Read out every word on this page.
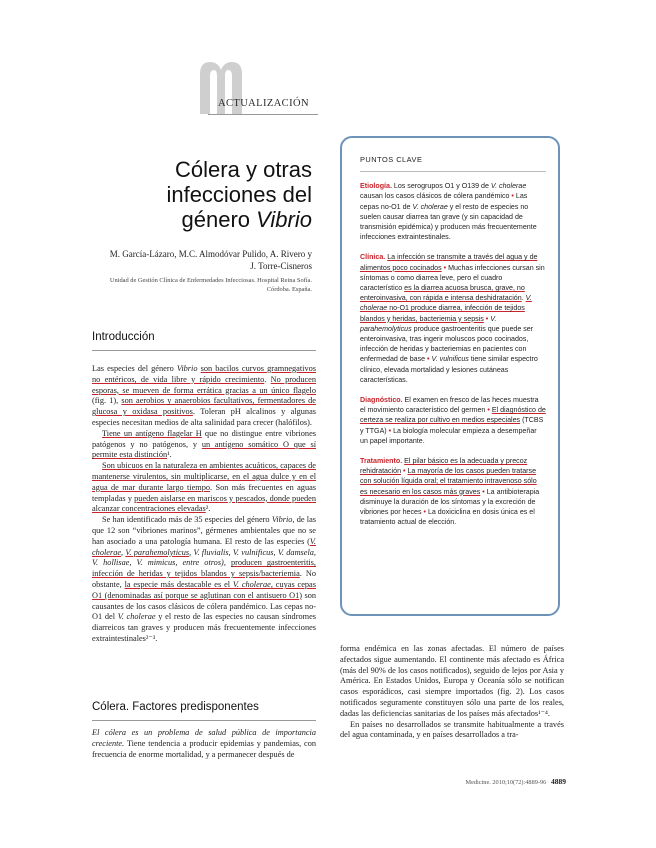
ACTUALIZACIÓN
Cólera y otras
infecciones del
género Vibrio
M. García-Lázaro, M.C. Almodóvar Pulido, A. Rivero y
J. Torre-Cisneros
Unidad de Gestión Clínica de Enfermedades Infecciosas. Hospital Reina Sofía.
Córdoba. España.
Introducción

Las especies del género Vibrio son bacilos curvos gramnegativos no entéricos, de vida libre y rápido crecimiento. No producen esporas, se mueven de forma errática gracias a un único flagelo (fig. 1), son aerobios y anaerobios facultativos, fermentadores de glucosa y oxidasa positivos. Toleran pH alcalinos y algunas especies necesitan medios de alta salinidad para crecer (halófilos).

Tiene un antígeno flagelar H que no distingue entre vibriones patógenos y no patógenos, y un antígeno somático O que sí permite esta distinción¹.

Son ubicuos en la naturaleza en ambientes acuáticos, capaces de mantenerse virulentos, sin multiplicarse, en el agua dulce y en el agua de mar durante largo tiempo. Son más frecuentes en aguas templadas y pueden aislarse en mariscos y pescados, donde pueden alcanzar concentraciones elevadas².

Se han identificado más de 35 especies del género Vibrio, de las que 12 son “vibriones marinos”, gérmenes ambientales que no se han asociado a una patología humana. El resto de las especies (V. cholerae, V. parahemolyticus, V. fluvialis, V. vulnificus, V. damsela, V. hollisae, V. mimicus, entre otros), producen gastroenteritis, infección de heridas y tejidos blandos y sepsis/bacteriemia. No obstante, la especie más destacable es el V. cholerae, cuyas cepas O1 (denominadas así porque se aglutinan con el antisuero O1) son causantes de los casos clásicos de cólera pandémico. Las cepas no-O1 del V. cholerae y el resto de las especies no causan síndromes diarreicos tan graves y producen más frecuentemente infecciones extraintestinales²⁻³.

Cólera. Factores predisponentes

El cólera es un problema de salud pública de importancia creciente. Tiene tendencia a producir epidemias y pandemias, con frecuencia de enorme mortalidad, y a permanecer después de

forma endémica en las zonas afectadas. El número de países afectados sigue aumentando. El continente más afectado es África (más del 90% de los casos notificados), seguido de lejos por Asia y América. En Estados Unidos, Europa y Oceanía sólo se notifican casos esporádicos, casi siempre importados (fig. 2). Los casos notificados seguramente constituyen sólo una parte de los reales, dadas las deficiencias sanitarias de los países más afectados¹⁻⁴.

En países no desarrollados se transmite habitualmente a través del agua contaminada, y en países desarrollados a tra-

PUNTOS CLAVE

Etiología. Los serogrupos O1 y O139 de V. cholerae causan los casos clásicos de cólera pandémico • Las cepas no-O1 de V. cholerae y el resto de especies no suelen causar diarrea tan grave (y sin capacidad de transmisión epidémica) y producen más frecuentemente infecciones extraintestinales.

Clínica. La infección se transmite a través del agua y de alimentos poco cocinados • Muchas infecciones cursan sin síntomas o como diarrea leve, pero el cuadro característico es la diarrea acuosa brusca, grave, no enteroinvasiva, con rápida e intensa deshidratación. V. cholerae no-O1 produce diarrea, infección de tejidos blandos y heridas, bacteriemia y sepsis • V. parahemolyticus produce gastroenteritis que puede ser enteroinvasiva, tras ingerir moluscos poco cocinados, infección de heridas y bacteriemias en pacientes con enfermedad de base • V. vulnificus tiene similar espectro clínico, elevada mortalidad y lesiones cutáneas características.

Diagnóstico. El examen en fresco de las heces muestra el movimiento característico del germen • El diagnóstico de certeza se realiza por cultivo en medios especiales (TCBS y TTGA) • La biología molecular empieza a desempeñar un papel importante.

Tratamiento. El pilar básico es la adecuada y precoz rehidratación • La mayoría de los casos pueden tratarse con solución líquida oral; el tratamiento intravenoso sólo es necesario en los casos más graves • La antibioterapia disminuye la duración de los síntomas y la excreción de vibriones por heces • La doxiciclina en dosis única es el tratamiento actual de elección.

Medicine. 2010;10(72):4889-96 4889
